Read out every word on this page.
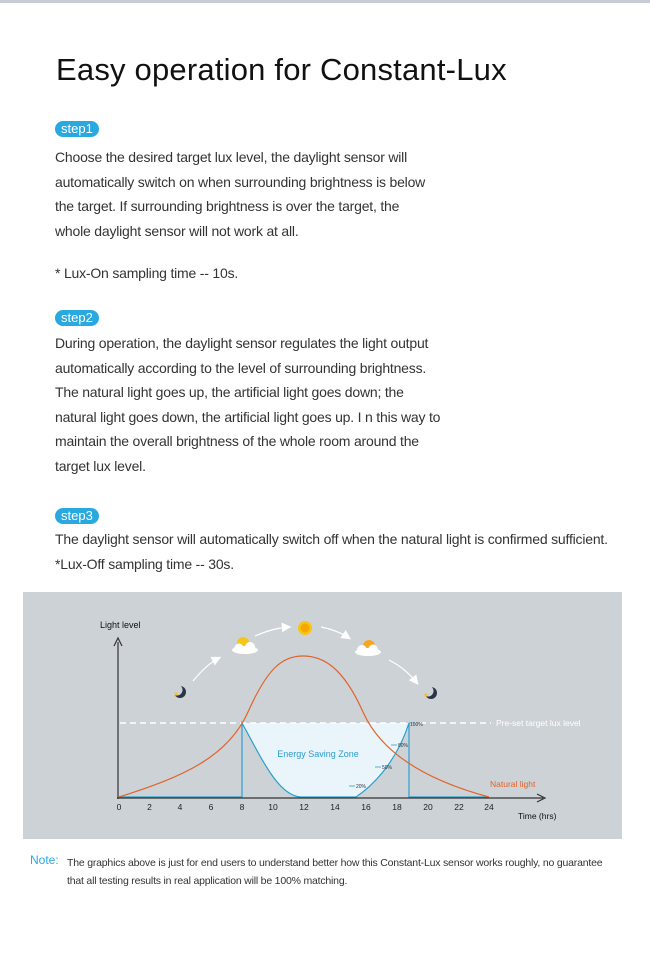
Easy operation for Constant-Lux
step1

Choose the desired target lux level, the daylight sensor will
automatically switch on when surrounding brightness is below
the target. If surrounding brightness is over the target, the
whole daylight sensor will not work at all.

* Lux-On sampling time -- 10s.

step2

During operation, the daylight sensor regulates the light output
automatically according to the level of surrounding brightness.
The natural light goes up, the artificial light goes down; the
natural light goes down, the artificial light goes up. I n this way to
maintain the overall brightness of the whole room around the
target lux level.

step3

The daylight sensor will automatically switch off when the natural light is confirmed sufficient.
*Lux-Off sampling time -- 30s.

100%
80%
50%
20%
0	2	4	6	8	10	12	14	16	18	20	22 24
Light level
Time (hrs)
Pre-set target lux level
Natural light
Energy Saving Zone
Note: The graphics above is just for end users to understand better how this Constant-Lux sensor works roughly, no guarantee
that all testing results in real application will be 100% matching.
